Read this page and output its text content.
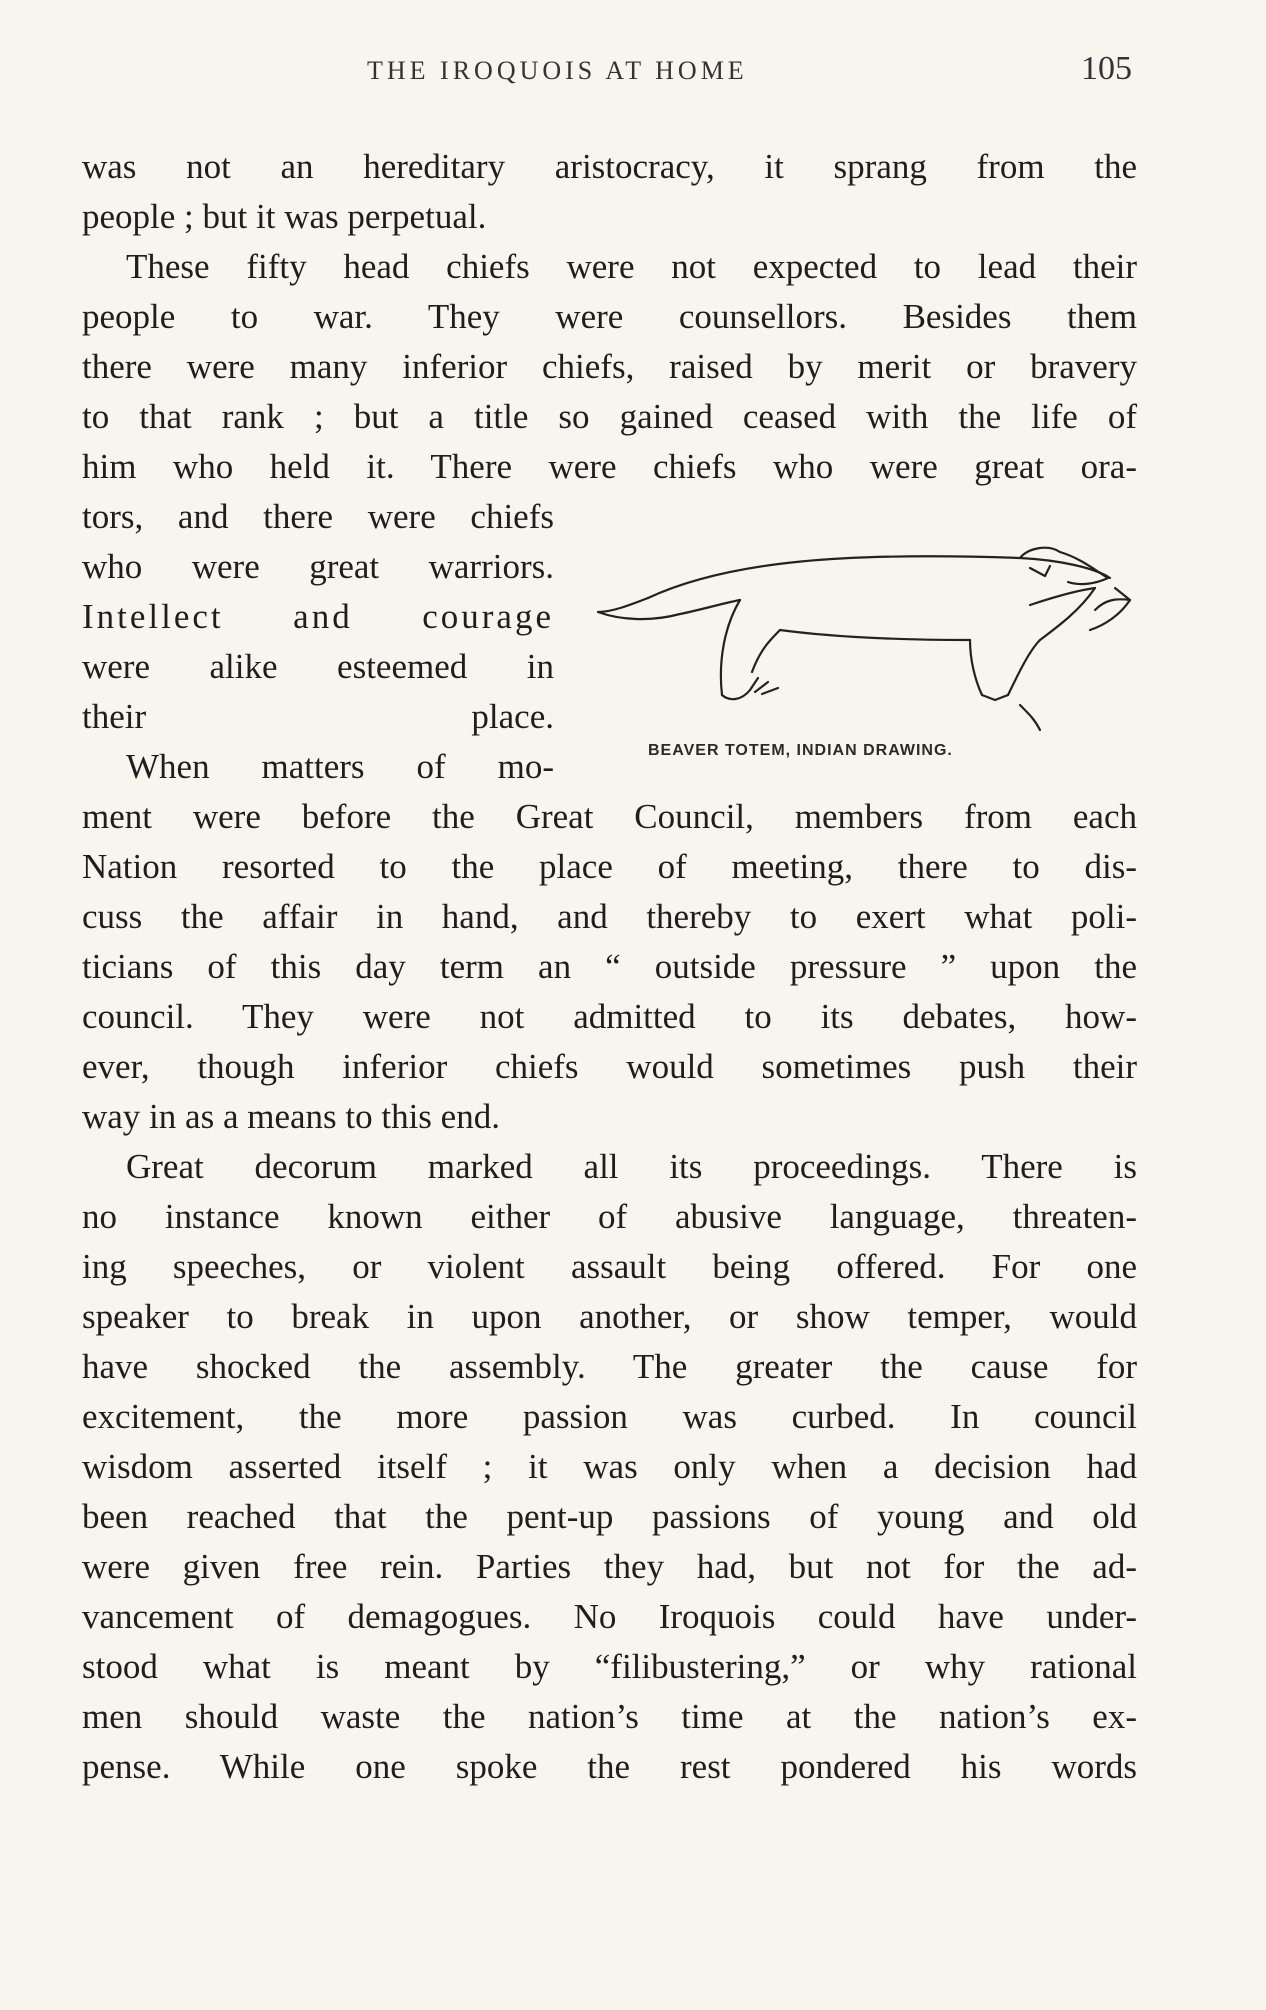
THE IROQUOIS AT HOME	105
was not an hereditary aristocracy, it sprang from the
people ; but it was perpetual.
These fifty head chiefs were not expected to lead their
people to war. They were counsellors. Besides them
there were many inferior chiefs, raised by merit or bravery
to that rank ; but a title so gained ceased with the life of
him who held it. There were chiefs who were great ora-
tors, and there were chiefs
who were great warriors.
Intellect and courage
were alike esteemed in
their place.
When matters of mo-
ment were before the Great Council, members from each
Nation resorted to the place of meeting, there to dis-
cuss the affair in hand, and thereby to exert what poli-
ticians of this day term an “ outside pressure ” upon the
council. They were not admitted to its debates, how-
ever, though inferior chiefs would sometimes push their
way in as a means to this end.
Great decorum marked all its proceedings. There is
no instance known either of abusive language, threaten-
ing speeches, or violent assault being offered. For one
speaker to break in upon another, or show temper, would
have shocked the assembly. The greater the cause for
excitement, the more passion was curbed. In council
wisdom asserted itself ; it was only when a decision had
been reached that the pent-up passions of young and old
were given free rein. Parties they had, but not for the ad-
vancement of demagogues. No Iroquois could have under-
stood what is meant by “filibustering,” or why rational
men should waste the nation’s time at the nation’s ex-
pense. While one spoke the rest pondered his words
BEAVER TOTEM, INDIAN DRAWING.
